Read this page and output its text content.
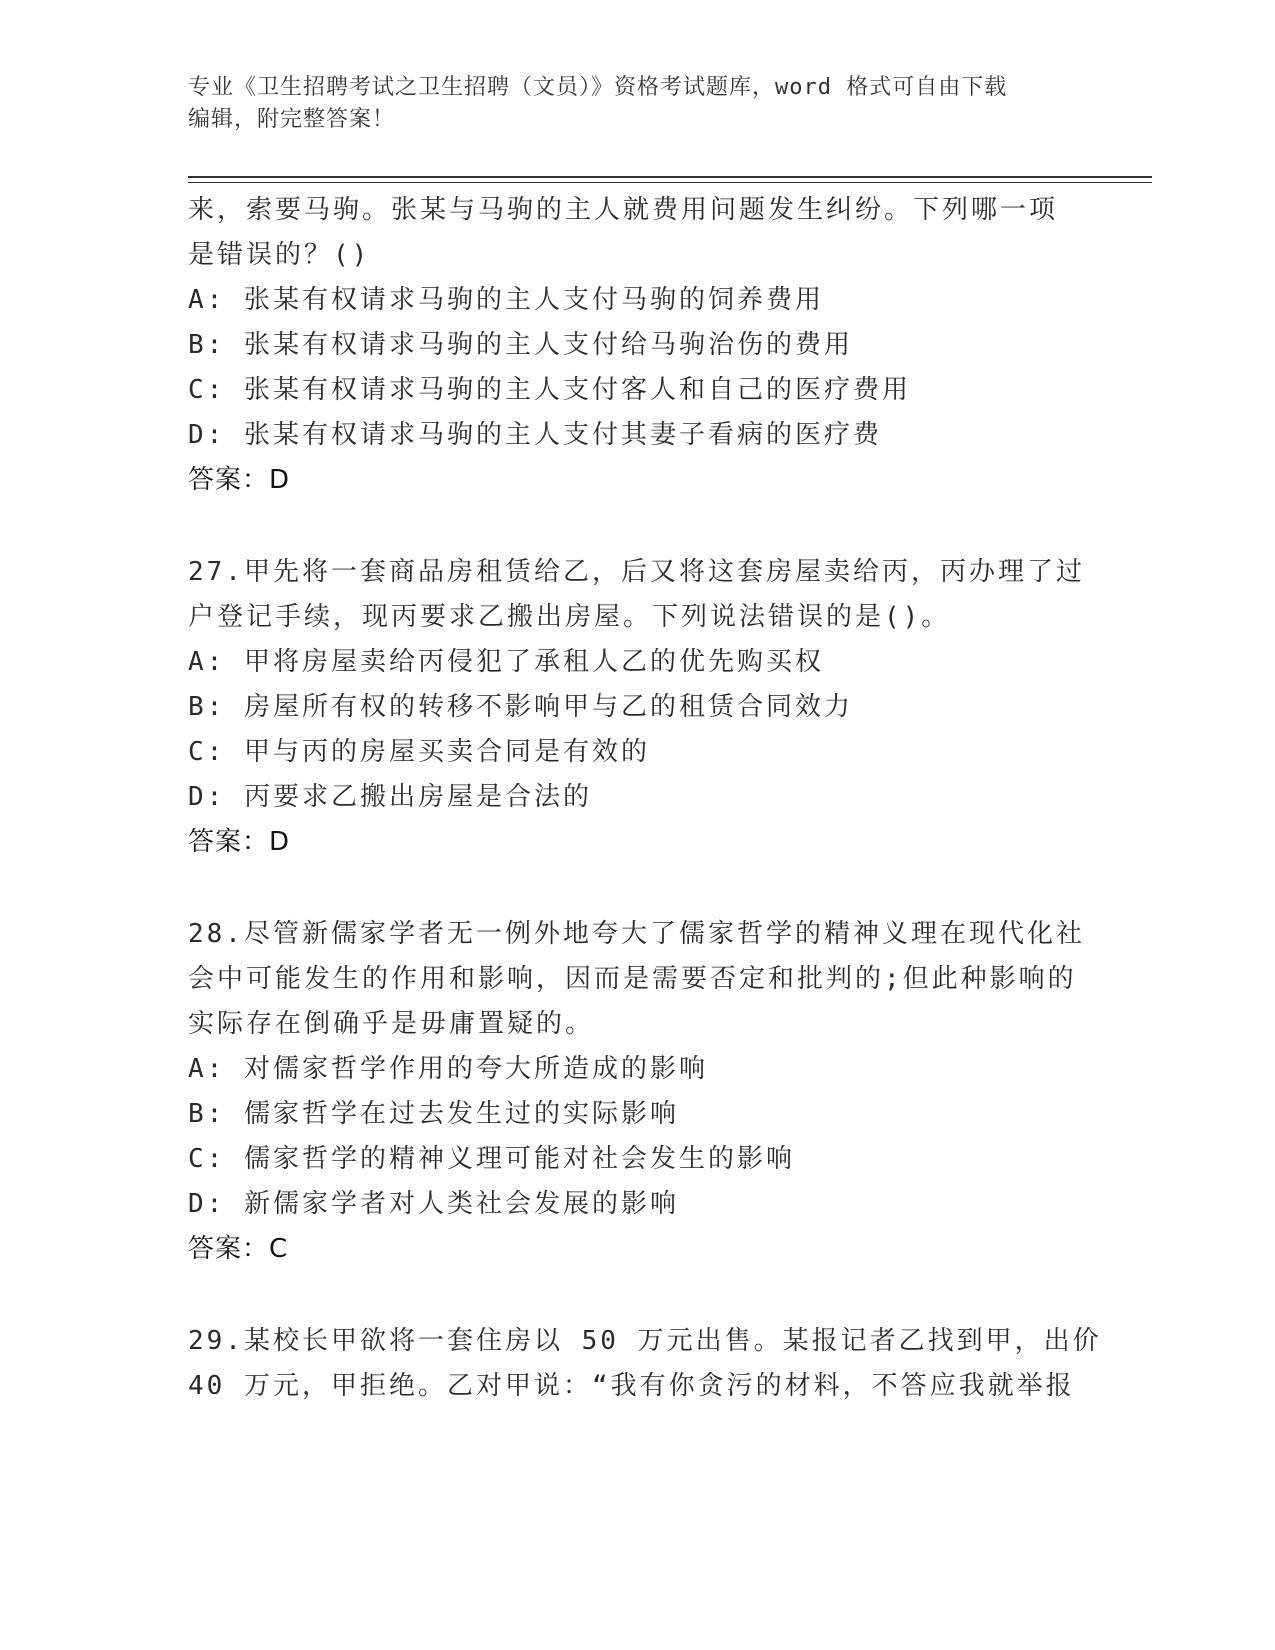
专业《卫生招聘考试之卫生招聘（文员）》资格考试题库，word 格式可自由下载
编辑，附完整答案！
来，索要马驹。张某与马驹的主人就费用问题发生纠纷。下列哪一项
是错误的？()
A: 张某有权请求马驹的主人支付马驹的饲养费用
B: 张某有权请求马驹的主人支付给马驹治伤的费用
C: 张某有权请求马驹的主人支付客人和自己的医疗费用
D: 张某有权请求马驹的主人支付其妻子看病的医疗费
答案：D
27.甲先将一套商品房租赁给乙，后又将这套房屋卖给丙，丙办理了过
户登记手续，现丙要求乙搬出房屋。下列说法错误的是()。
A: 甲将房屋卖给丙侵犯了承租人乙的优先购买权
B: 房屋所有权的转移不影响甲与乙的租赁合同效力
C: 甲与丙的房屋买卖合同是有效的
D: 丙要求乙搬出房屋是合法的
答案：D
28.尽管新儒家学者无一例外地夸大了儒家哲学的精神义理在现代化社
会中可能发生的作用和影响，因而是需要否定和批判的;但此种影响的
实际存在倒确乎是毋庸置疑的。
A: 对儒家哲学作用的夸大所造成的影响
B: 儒家哲学在过去发生过的实际影响
C: 儒家哲学的精神义理可能对社会发生的影响
D: 新儒家学者对人类社会发展的影响
答案：C
29.某校长甲欲将一套住房以 50 万元出售。某报记者乙找到甲，出价
40 万元，甲拒绝。乙对甲说：“我有你贪污的材料，不答应我就举报
